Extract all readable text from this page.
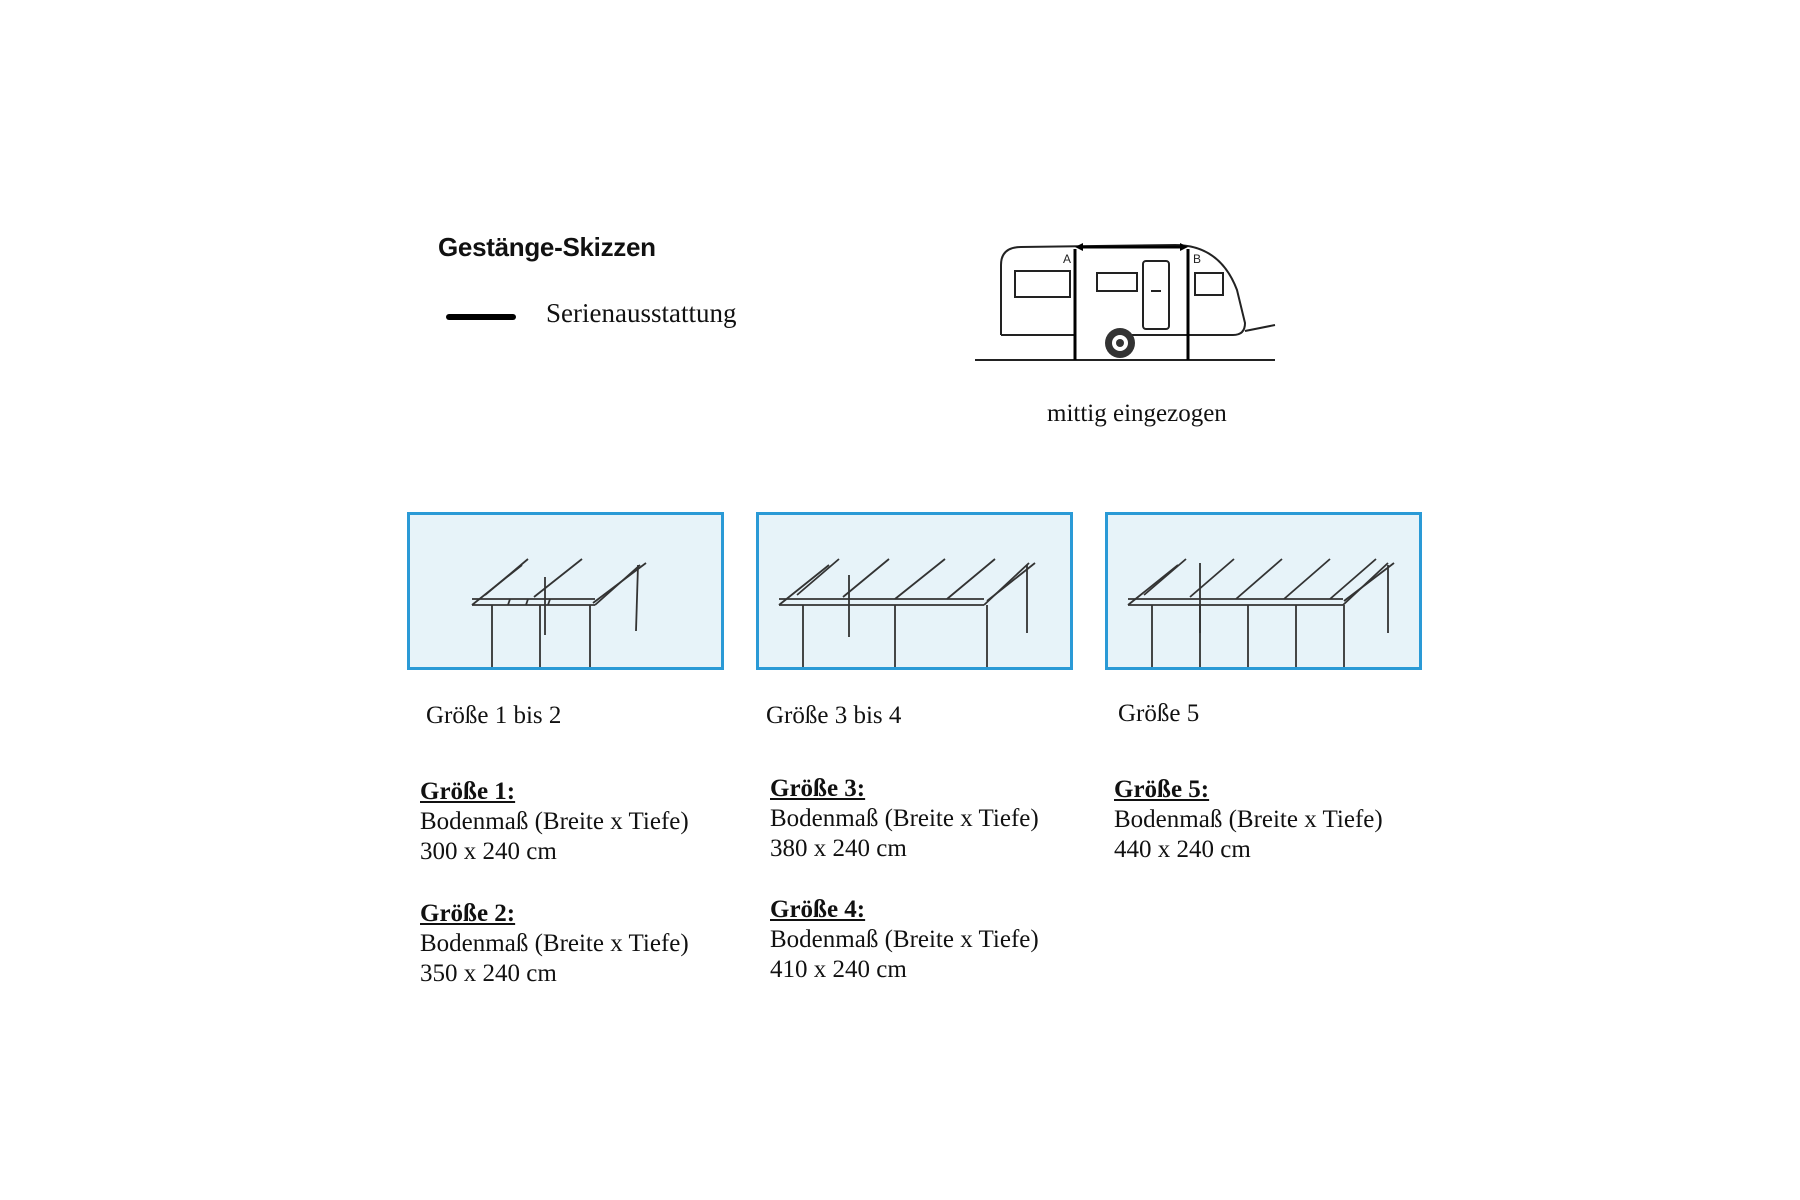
Gestänge-Skizzen
Serienausstattung
A	B
mittig eingezogen
Größe 1 bis 2	Größe 3 bis 4	Größe 5
Größe 1:
Bodenmaß (Breite x Tiefe)
300 x 240 cm
Größe 2:
Bodenmaß (Breite x Tiefe)
350 x 240 cm
Größe 3:
Bodenmaß (Breite x Tiefe)
380 x 240 cm
Größe 4:
Bodenmaß (Breite x Tiefe)
410 x 240 cm
Größe 5:
Bodenmaß (Breite x Tiefe)
440 x 240 cm
